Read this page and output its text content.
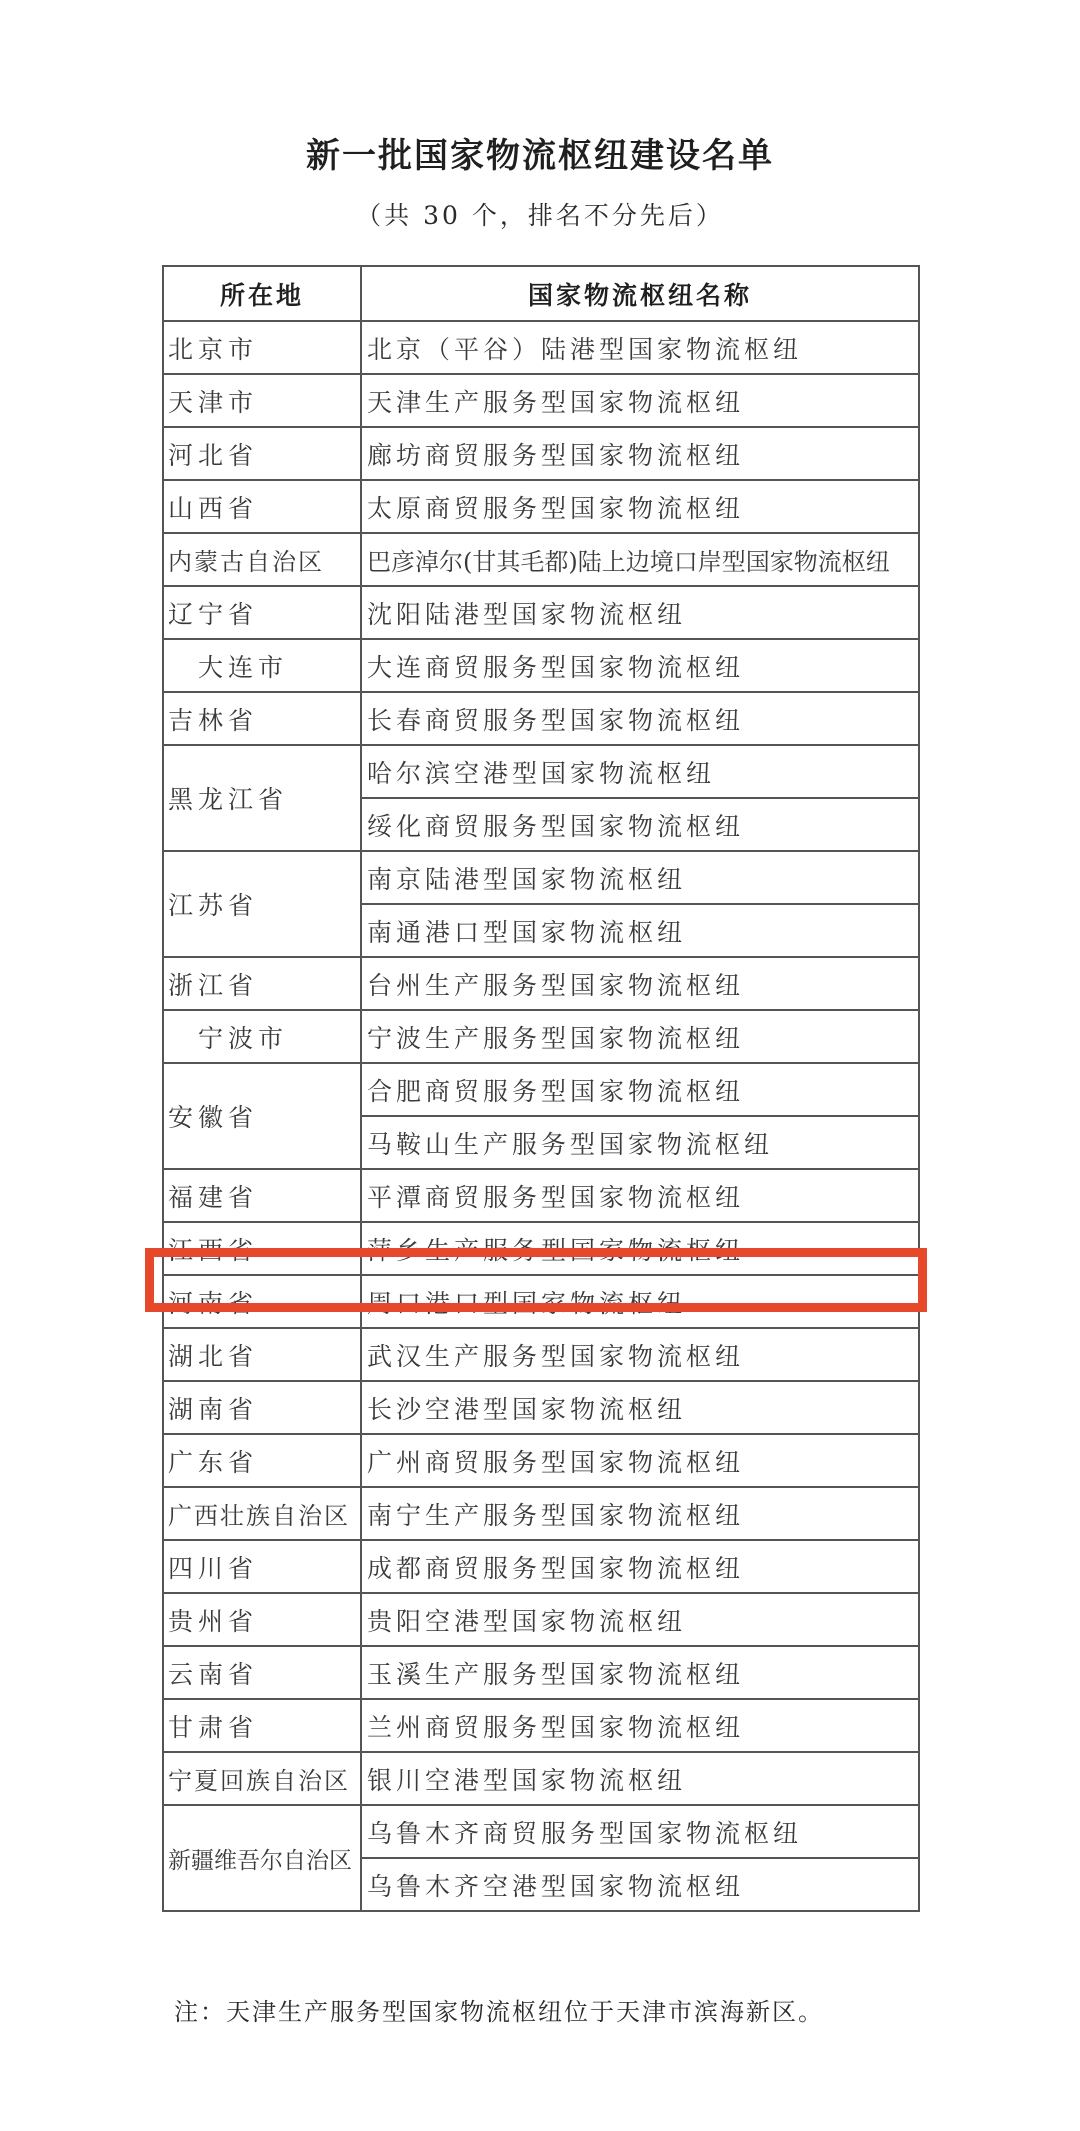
新一批国家物流枢纽建设名单
（共 30 个，排名不分先后）
所在地	国家物流枢纽名称
北京市	北京（平谷）陆港型国家物流枢纽
天津市	天津生产服务型国家物流枢纽
河北省	廊坊商贸服务型国家物流枢纽
山西省	太原商贸服务型国家物流枢纽
内蒙古自治区	巴彦淖尔(甘其毛都)陆上边境口岸型国家物流枢纽
辽宁省	沈阳陆港型国家物流枢纽
大连市	大连商贸服务型国家物流枢纽
吉林省	长春商贸服务型国家物流枢纽
黑龙江省	哈尔滨空港型国家物流枢纽
	绥化商贸服务型国家物流枢纽
江苏省	南京陆港型国家物流枢纽
	南通港口型国家物流枢纽
浙江省	台州生产服务型国家物流枢纽
宁波市	宁波生产服务型国家物流枢纽
安徽省	合肥商贸服务型国家物流枢纽
	马鞍山生产服务型国家物流枢纽
福建省	平潭商贸服务型国家物流枢纽
江西省	萍乡生产服务型国家物流枢纽
河南省	周口港口型国家物流枢纽
湖北省	武汉生产服务型国家物流枢纽
湖南省	长沙空港型国家物流枢纽
广东省	广州商贸服务型国家物流枢纽
广西壮族自治区	南宁生产服务型国家物流枢纽
四川省	成都商贸服务型国家物流枢纽
贵州省	贵阳空港型国家物流枢纽
云南省	玉溪生产服务型国家物流枢纽
甘肃省	兰州商贸服务型国家物流枢纽
宁夏回族自治区	银川空港型国家物流枢纽
新疆维吾尔自治区	乌鲁木齐商贸服务型国家物流枢纽
	乌鲁木齐空港型国家物流枢纽
注：天津生产服务型国家物流枢纽位于天津市滨海新区。
